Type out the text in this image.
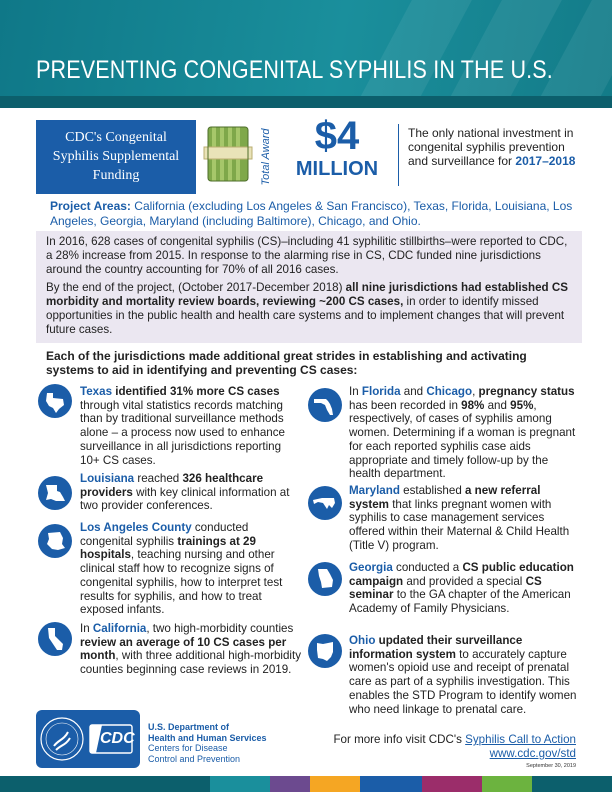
PREVENTING CONGENITAL SYPHILIS IN THE U.S.
CDC's Congenital
Syphilis Supplemental
Funding	Total Award	$4
MILLION
The only national investment in congenital syphilis prevention and surveillance for 2017–2018
Project Areas: California (excluding Los Angeles & San Francisco), Texas, Florida, Louisiana, Los Angeles, Georgia, Maryland (including Baltimore), Chicago, and Ohio.

In 2016, 628 cases of congenital syphilis (CS)–including 41 syphilitic stillbirths–were reported to CDC, a 28% increase from 2015. In response to the alarming rise in CS, CDC funded nine jurisdictions around the country accounting for 70% of all 2016 cases.

By the end of the project, (October 2017-December 2018) all nine jurisdictions had established CS morbidity and mortality review boards, reviewing ~200 CS cases, in order to identify missed opportunities in the public health and health care systems and to implement changes that will prevent future cases.

Each of the jurisdictions made additional great strides in establishing and activating systems to aid in identifying and preventing CS cases:
Texas identified 31% more CS cases through vital statistics records matching than by traditional surveillance methods alone – a process now used to enhance surveillance in all jurisdictions reporting 10+ CS cases.
Louisiana reached 326 healthcare providers with key clinical information at two provider conferences.
Los Angeles County conducted congenital syphilis trainings at 29 hospitals, teaching nursing and other clinical staff how to recognize signs of congenital syphilis, how to interpret test results for syphilis, and how to treat exposed infants.
In California, two high-morbidity counties review an average of 10 CS cases per month, with three additional high-morbidity counties beginning case reviews in 2019.
In Florida and Chicago, pregnancy status has been recorded in 98% and 95%, respectively, of cases of syphilis among women. Determining if a woman is pregnant for each reported syphilis case aids appropriate and timely follow-up by the health department.
Maryland established a new referral system that links pregnant women with syphilis to case management services offered within their Maternal & Child Health (Title V) program.
Georgia conducted a CS public education campaign and provided a special CS seminar to the GA chapter of the American Academy of Family Physicians.
Ohio updated their surveillance information system to accurately capture women's opioid use and receipt of prenatal care as part of a syphilis investigation. This enables the STD Program to identify women who need linkage to prenatal care.
CDC
U.S. Department of
Health and Human Services
Centers for Disease
Control and Prevention
For more info visit CDC's Syphilis Call to Action
www.cdc.gov/std
September 30, 2019
